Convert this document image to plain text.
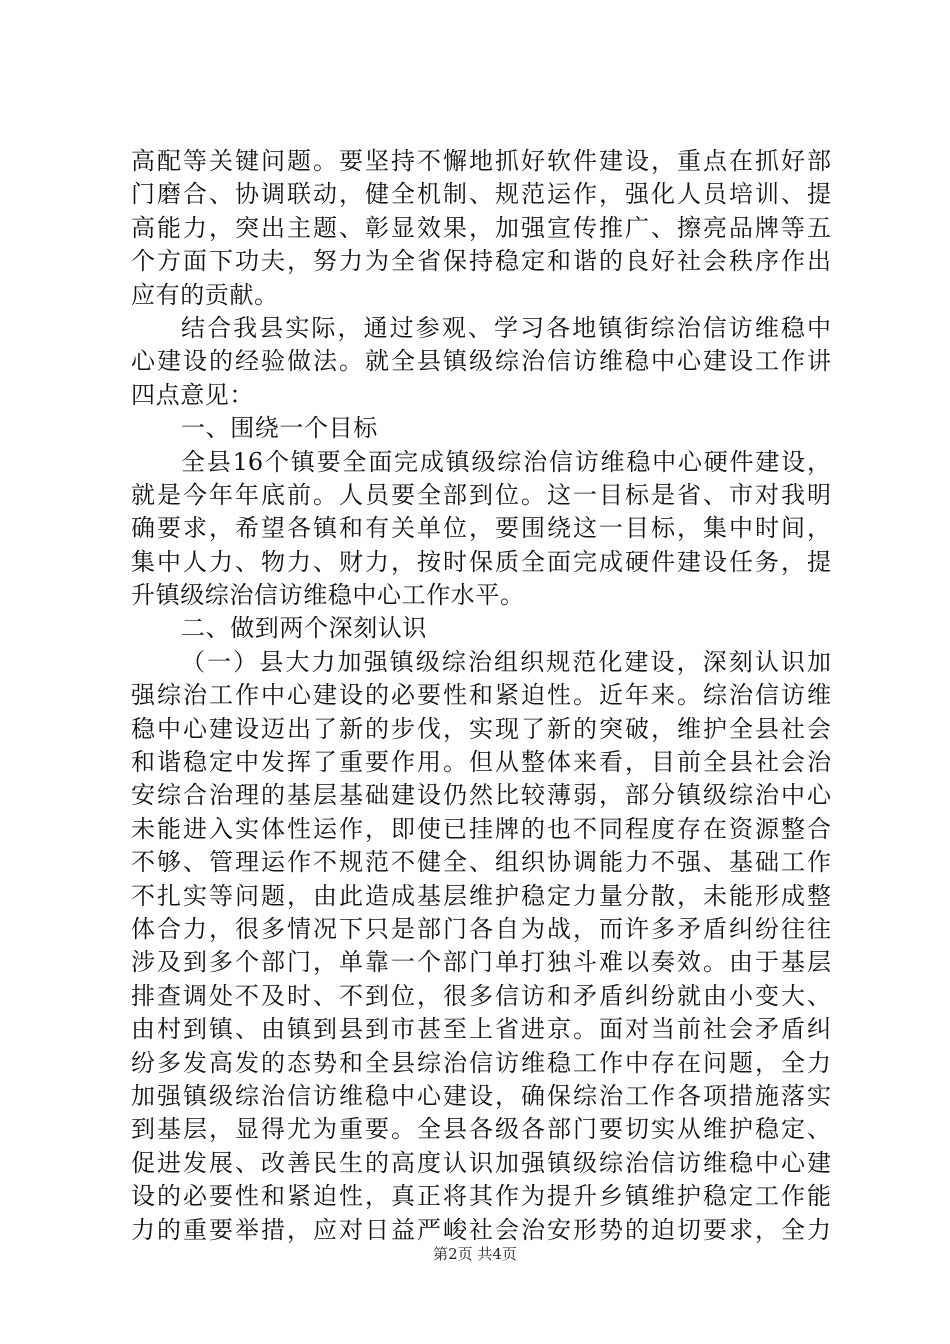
高配等关键问题。要坚持不懈地抓好软件建设，重点在抓好部
门磨合、协调联动，健全机制、规范运作，强化人员培训、提
高能力，突出主题、彰显效果，加强宣传推广、擦亮品牌等五
个方面下功夫，努力为全省保持稳定和谐的良好社会秩序作出
应有的贡献。
结合我县实际，通过参观、学习各地镇街综治信访维稳中
心建设的经验做法。就全县镇级综治信访维稳中心建设工作讲
四点意见：
一、围绕一个目标
全县16个镇要全面完成镇级综治信访维稳中心硬件建设，
就是今年年底前。人员要全部到位。这一目标是省、市对我明
确要求，希望各镇和有关单位，要围绕这一目标，集中时间，
集中人力、物力、财力，按时保质全面完成硬件建设任务，提
升镇级综治信访维稳中心工作水平。
二、做到两个深刻认识
（一）县大力加强镇级综治组织规范化建设，深刻认识加
强综治工作中心建设的必要性和紧迫性。近年来。综治信访维
稳中心建设迈出了新的步伐，实现了新的突破，维护全县社会
和谐稳定中发挥了重要作用。但从整体来看，目前全县社会治
安综合治理的基层基础建设仍然比较薄弱，部分镇级综治中心
未能进入实体性运作，即使已挂牌的也不同程度存在资源整合
不够、管理运作不规范不健全、组织协调能力不强、基础工作
不扎实等问题，由此造成基层维护稳定力量分散，未能形成整
体合力，很多情况下只是部门各自为战，而许多矛盾纠纷往往
涉及到多个部门，单靠一个部门单打独斗难以奏效。由于基层
排查调处不及时、不到位，很多信访和矛盾纠纷就由小变大、
由村到镇、由镇到县到市甚至上省进京。面对当前社会矛盾纠
纷多发高发的态势和全县综治信访维稳工作中存在问题，全力
加强镇级综治信访维稳中心建设，确保综治工作各项措施落实
到基层，显得尤为重要。全县各级各部门要切实从维护稳定、
促进发展、改善民生的高度认识加强镇级综治信访维稳中心建
设的必要性和紧迫性，真正将其作为提升乡镇维护稳定工作能
力的重要举措，应对日益严峻社会治安形势的迫切要求，全力
第2页 共4页
